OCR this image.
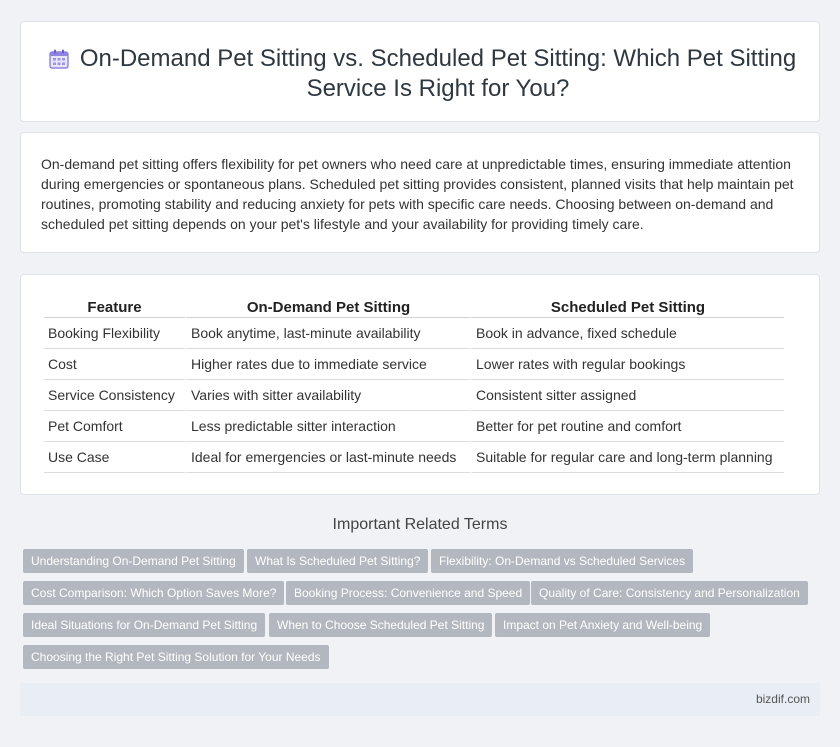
On-Demand Pet Sitting vs. Scheduled Pet Sitting: Which Pet Sitting Service Is Right for You?

On-demand pet sitting offers flexibility for pet owners who need care at unpredictable times, ensuring immediate attention during emergencies or spontaneous plans. Scheduled pet sitting provides consistent, planned visits that help maintain pet routines, promoting stability and reducing anxiety for pets with specific care needs. Choosing between on-demand and scheduled pet sitting depends on your pet's lifestyle and your availability for providing timely care.

Feature	On-Demand Pet Sitting	Scheduled Pet Sitting
Booking Flexibility	Book anytime, last-minute availability	Book in advance, fixed schedule
Cost	Higher rates due to immediate service	Lower rates with regular bookings
Service Consistency	Varies with sitter availability	Consistent sitter assigned
Pet Comfort	Less predictable sitter interaction	Better for pet routine and comfort
Use Case	Ideal for emergencies or last-minute needs	Suitable for regular care and long-term planning
Important Related Terms
Understanding On-Demand Pet Sitting	What Is Scheduled Pet Sitting?	Flexibility: On-Demand vs Scheduled Services
Cost Comparison: Which Option Saves More?	Booking Process: Convenience and Speed	Quality of Care: Consistency and Personalization
Ideal Situations for On-Demand Pet Sitting	When to Choose Scheduled Pet Sitting	Impact on Pet Anxiety and Well-being
Choosing the Right Pet Sitting Solution for Your Needs
bizdif.com
